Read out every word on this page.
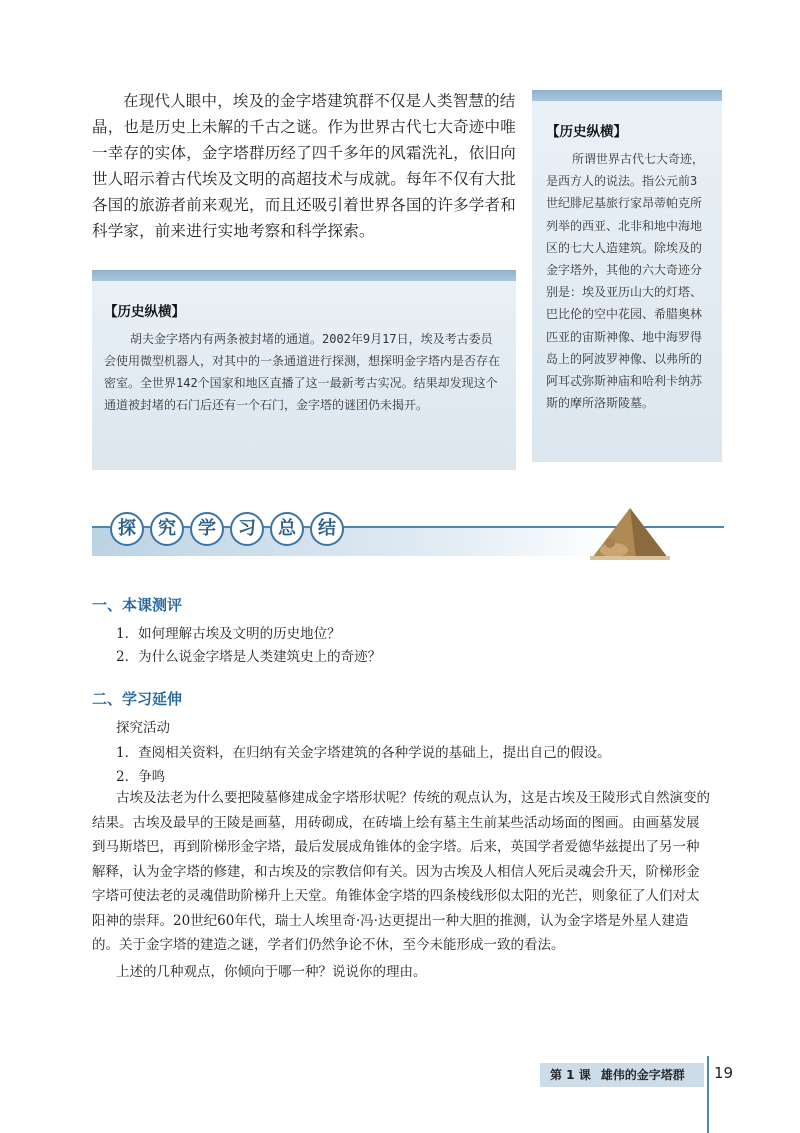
在现代人眼中，埃及的金字塔建筑群不仅是人类智慧的结晶，也是历史上未解的千古之谜。作为世界古代七大奇迹中唯一幸存的实体，金字塔群历经了四千多年的风霜洗礼，依旧向世人昭示着古代埃及文明的高超技术与成就。每年不仅有大批各国的旅游者前来观光，而且还吸引着世界各国的许多学者和科学家，前来进行实地考察和科学探索。

【历史纵横】

胡夫金字塔内有两条被封堵的通道。2002年9月17日，埃及考古委员会使用微型机器人，对其中的一条通道进行探测，想探明金字塔内是否存在密室。全世界142个国家和地区直播了这一最新考古实况。结果却发现这个通道被封堵的石门后还有一个石门，金字塔的谜团仍未揭开。

【历史纵横】

所谓世界古代七大奇迹，是西方人的说法。指公元前3世纪腓尼基旅行家昂蒂帕克所列举的西亚、北非和地中海地区的七大人造建筑。除埃及的金字塔外，其他的六大奇迹分别是：埃及亚历山大的灯塔、巴比伦的空中花园、希腊奥林匹亚的宙斯神像、地中海罗得岛上的阿波罗神像、以弗所的阿耳忒弥斯神庙和哈利卡纳苏斯的摩所洛斯陵墓。

探	究	学	习	总	结
一、本课测评
1．如何理解古埃及文明的历史地位？
2．为什么说金字塔是人类建筑史上的奇迹？
二、学习延伸
探究活动
1．查阅相关资料，在归纳有关金字塔建筑的各种学说的基础上，提出自己的假设。
2．争鸣

古埃及法老为什么要把陵墓修建成金字塔形状呢？传统的观点认为，这是古埃及王陵形式自然演变的结果。古埃及最早的王陵是画墓，用砖砌成，在砖墙上绘有墓主生前某些活动场面的图画。由画墓发展到马斯塔巴，再到阶梯形金字塔，最后发展成角锥体的金字塔。后来，英国学者爱德华兹提出了另一种解释，认为金字塔的修建，和古埃及的宗教信仰有关。因为古埃及人相信人死后灵魂会升天，阶梯形金字塔可使法老的灵魂借助阶梯升上天堂。角锥体金字塔的四条棱线形似太阳的光芒，则象征了人们对太阳神的崇拜。20世纪60年代，瑞士人埃里奇·冯·达更提出一种大胆的推测，认为金字塔是外星人建造的。关于金字塔的建造之谜，学者们仍然争论不休，至今未能形成一致的看法。

上述的几种观点，你倾向于哪一种？说说你的理由。
第 1 课 雄伟的金字塔群	19
